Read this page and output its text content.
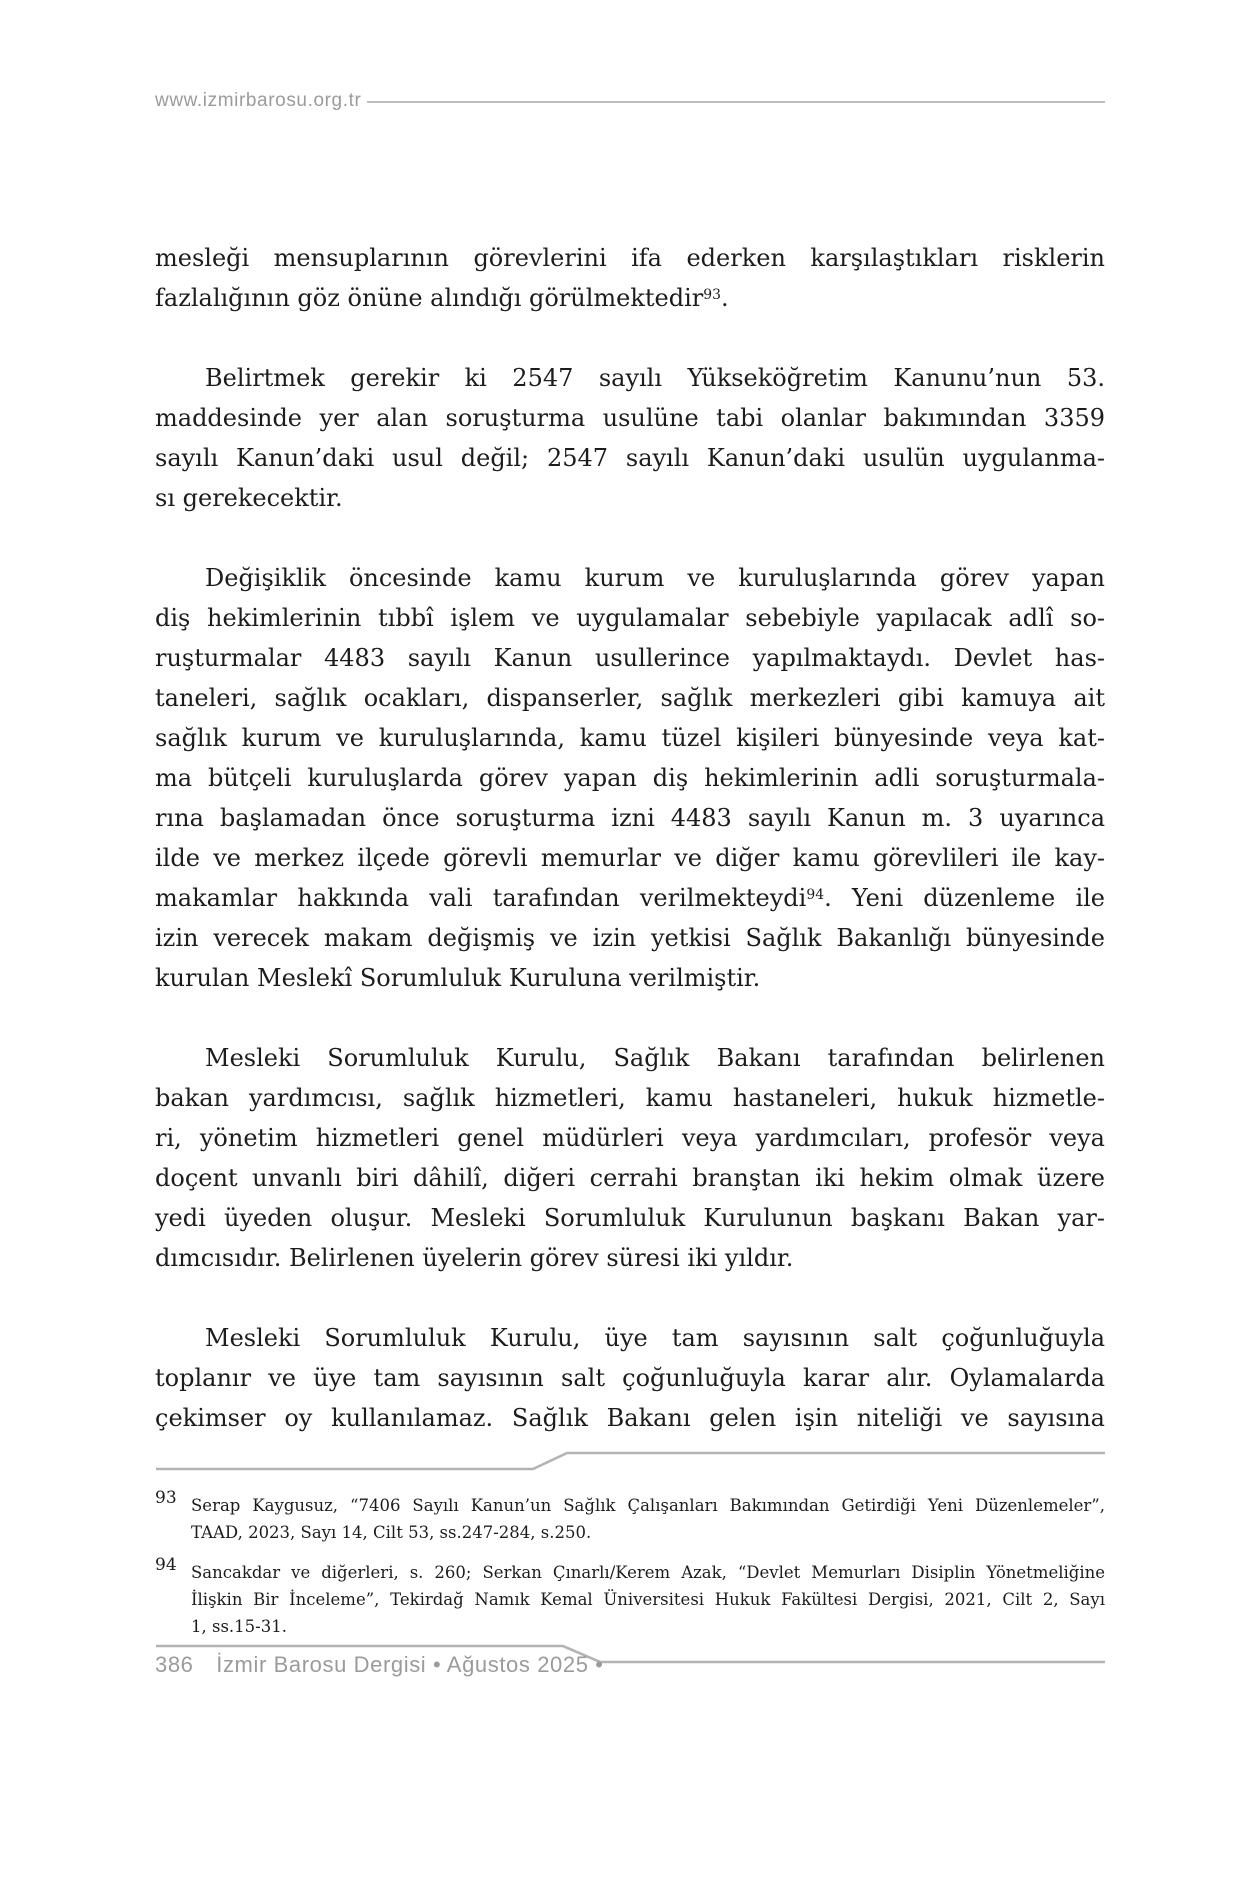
www.izmirbarosu.org.tr
mesleği mensuplarının görevlerini ifa ederken karşılaştıkları risklerin
fazlalığının göz önüne alındığı görülmektedir$^{93}$.
Belirtmek gerekir ki 2547 sayılı Yükseköğretim Kanunu’nun 53.
maddesinde yer alan soruşturma usulüne tabi olanlar bakımından 3359
sayılı Kanun’daki usul değil; 2547 sayılı Kanun’daki usulün uygulanma-
sı gerekecektir.
Değişiklik öncesinde kamu kurum ve kuruluşlarında görev yapan
diş hekimlerinin tıbbî işlem ve uygulamalar sebebiyle yapılacak adlî so-
ruşturmalar 4483 sayılı Kanun usullerince yapılmaktaydı. Devlet has-
taneleri, sağlık ocakları, dispanserler, sağlık merkezleri gibi kamuya ait
sağlık kurum ve kuruluşlarında, kamu tüzel kişileri bünyesinde veya kat-
ma bütçeli kuruluşlarda görev yapan diş hekimlerinin adli soruşturmala-
rına başlamadan önce soruşturma izni 4483 sayılı Kanun m. 3 uyarınca
ilde ve merkez ilçede görevli memurlar ve diğer kamu görevlileri ile kay-
makamlar hakkında vali tarafından verilmekteydi$^{94}$. Yeni düzenleme ile
izin verecek makam değişmiş ve izin yetkisi Sağlık Bakanlığı bünyesinde
kurulan Meslekî Sorumluluk Kuruluna verilmiştir.
Mesleki Sorumluluk Kurulu, Sağlık Bakanı tarafından belirlenen
bakan yardımcısı, sağlık hizmetleri, kamu hastaneleri, hukuk hizmetle-
ri, yönetim hizmetleri genel müdürleri veya yardımcıları, profesör veya
doçent unvanlı biri dâhilî, diğeri cerrahi branştan iki hekim olmak üzere
yedi üyeden oluşur. Mesleki Sorumluluk Kurulunun başkanı Bakan yar-
dımcısıdır. Belirlenen üyelerin görev süresi iki yıldır.
Mesleki Sorumluluk Kurulu, üye tam sayısının salt çoğunluğuyla
toplanır ve üye tam sayısının salt çoğunluğuyla karar alır. Oylamalarda
çekimser oy kullanılamaz. Sağlık Bakanı gelen işin niteliği ve sayısına
93 Serap Kaygusuz, “7406 Sayılı Kanun’un Sağlık Çalışanları Bakımından Getirdiği Yeni Düzenlemeler”,
TAAD, 2023, Sayı 14, Cilt 53, ss.247-284, s.250.
94 Sancakdar ve diğerleri, s. 260; Serkan Çınarlı/Kerem Azak, “Devlet Memurları Disiplin Yönetmeliğine
İlişkin Bir İnceleme”, Tekirdağ Namık Kemal Üniversitesi Hukuk Fakültesi Dergisi, 2021, Cilt 2, Sayı
1, ss.15-31.
386 İzmir Barosu Dergisi • Ağustos 2025 •
